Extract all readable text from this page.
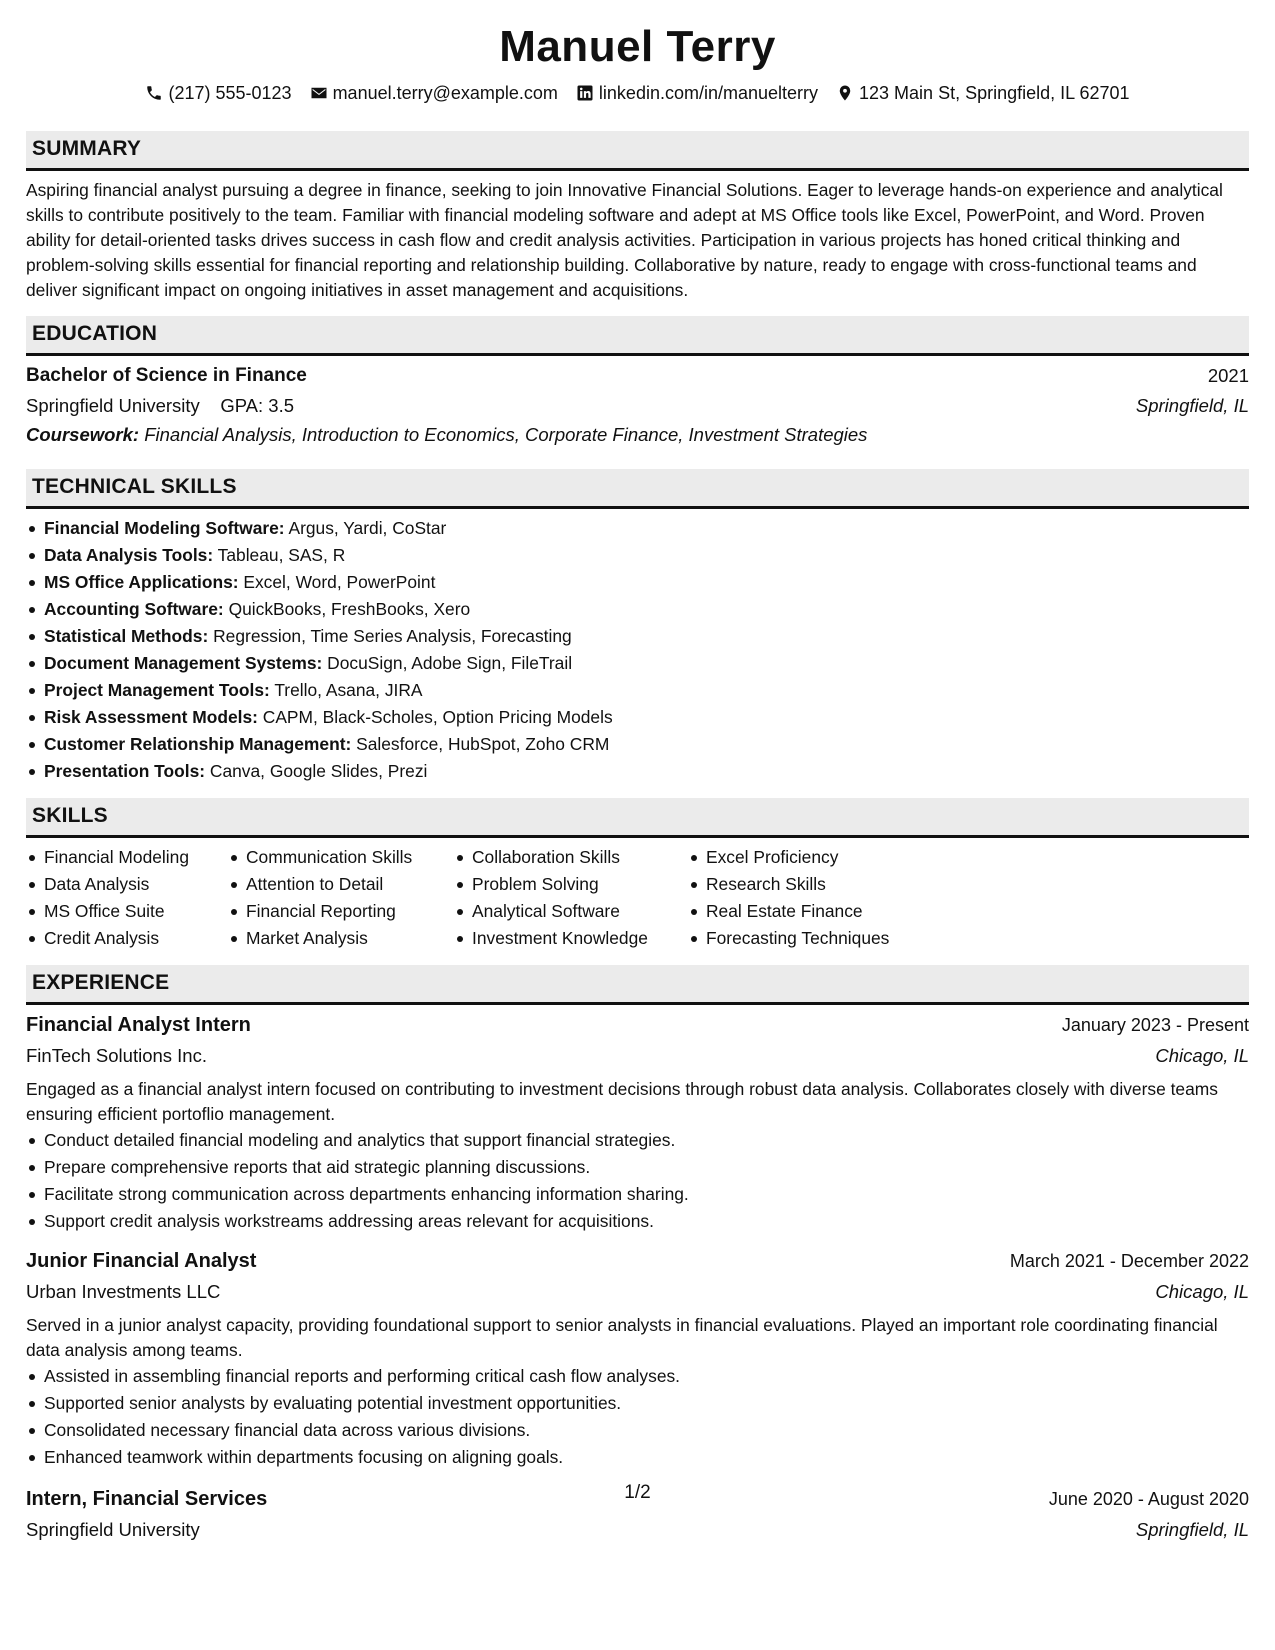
Manuel Terry
(217) 555-0123 manuel.terry@example.com linkedin.com/in/manuelterry 123 Main St, Springfield, IL 62701
SUMMARY

Aspiring financial analyst pursuing a degree in finance, seeking to join Innovative Financial Solutions. Eager to leverage hands-on experience and analytical skills to contribute positively to the team. Familiar with financial modeling software and adept at MS Office tools like Excel, PowerPoint, and Word. Proven ability for detail-oriented tasks drives success in cash flow and credit analysis activities. Participation in various projects has honed critical thinking and problem-solving skills essential for financial reporting and relationship building. Collaborative by nature, ready to engage with cross-functional teams and deliver significant impact on ongoing initiatives in asset management and acquisitions.

EDUCATION
Bachelor of Science in Finance	2021
Springfield University GPA: 3.5	Springfield, IL
Coursework:
Financial Analysis, Introduction to Economics, Corporate Finance, Investment Strategies
TECHNICAL SKILLS
Financial Modeling Software: Argus, Yardi, CoStar
Data Analysis Tools: Tableau, SAS, R
MS Office Applications: Excel, Word, PowerPoint
Accounting Software: QuickBooks, FreshBooks, Xero
Statistical Methods: Regression, Time Series Analysis, Forecasting
Document Management Systems: DocuSign, Adobe Sign, FileTrail
Project Management Tools: Trello, Asana, JIRA
Risk Assessment Models: CAPM, Black-Scholes, Option Pricing Models
Customer Relationship Management: Salesforce, HubSpot, Zoho CRM
Presentation Tools: Canva, Google Slides, Prezi
SKILLS
Financial Modeling
Data Analysis
MS Office Suite
Credit Analysis
Communication Skills
Attention to Detail
Financial Reporting
Market Analysis
Collaboration Skills
Problem Solving
Analytical Software
Investment Knowledge
Excel Proficiency
Research Skills
Real Estate Finance
Forecasting Techniques
EXPERIENCE
Financial Analyst Intern	January 2023 - Present
FinTech Solutions Inc.	Chicago, IL

Engaged as a financial analyst intern focused on contributing to investment decisions through robust data analysis. Collaborates closely with diverse teams ensuring efficient portoflio management.

Conduct detailed financial modeling and analytics that support financial strategies.
Prepare comprehensive reports that aid strategic planning discussions.
Facilitate strong communication across departments enhancing information sharing.
Support credit analysis workstreams addressing areas relevant for acquisitions.
Junior Financial Analyst	March 2021 - December 2022
Urban Investments LLC	Chicago, IL

Served in a junior analyst capacity, providing foundational support to senior analysts in financial evaluations. Played an important role coordinating financial data analysis among teams.

Assisted in assembling financial reports and performing critical cash flow analyses.
Supported senior analysts by evaluating potential investment opportunities.
Consolidated necessary financial data across various divisions.
Enhanced teamwork within departments focusing on aligning goals.
Intern, Financial Services	June 2020 - August 2020
Springfield University	Springfield, IL
1/2
